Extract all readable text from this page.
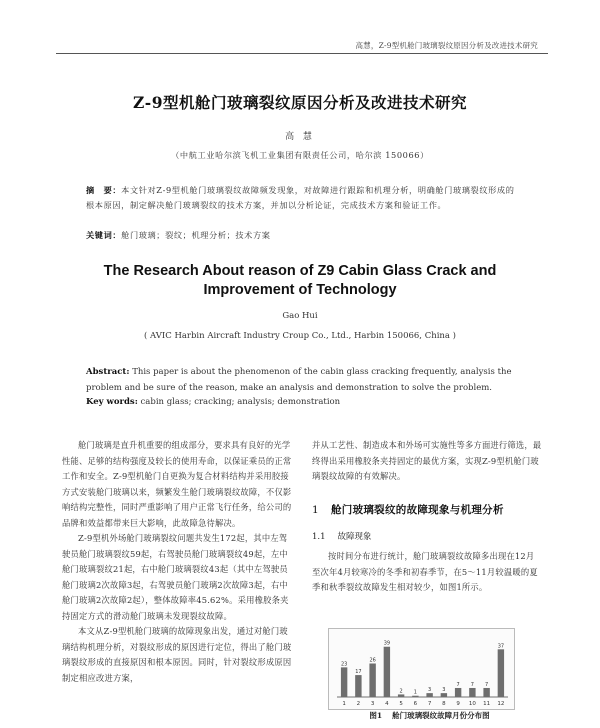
高慧，Z-9型机舱门玻璃裂纹原因分析及改进技术研究
Z-9型机舱门玻璃裂纹原因分析及改进技术研究
高 慧
（中航工业哈尔滨飞机工业集团有限责任公司，哈尔滨 150066）
摘　要：本文针对Z-9型机舱门玻璃裂纹故障频发现象，对故障进行跟踪和机理分析，明确舱门玻璃裂纹形成的根本原因，制定解决舱门玻璃裂纹的技术方案，并加以分析论证，完成技术方案和验证工作。
关键词：舱门玻璃；裂纹；机理分析；技术方案
The Research About reason of Z9 Cabin Glass Crack and
Improvement of Technology
Gao Hui
( AVIC Harbin Aircraft Industry Croup Co., Ltd., Harbin 150066, China )
Abstract: This paper is about the phenomenon of the cabin glass cracking frequently, analysis the problem and be sure of the reason, make an analysis and demonstration to solve the problem.
Key words: cabin glass; cracking; analysis; demonstration

舱门玻璃是直升机重要的组成部分，要求具有良好的光学性能、足够的结构强度及较长的使用寿命，以保证乘员的正常工作和安全。Z-9型机舱门自更换为复合材料结构并采用胶接方式安装舱门玻璃以来，频繁发生舱门玻璃裂纹故障，不仅影响结构完整性，同时严重影响了用户正常飞行任务，给公司的品牌和效益都带来巨大影响，此故障急待解决。

Z-9型机外场舱门玻璃裂纹问题共发生172起，其中左驾驶员舱门玻璃裂纹59起，右驾驶员舱门玻璃裂纹49起，左中舱门玻璃裂纹21起，右中舱门玻璃裂纹43起（其中左驾驶员舱门玻璃2次故障3起，右驾驶员舱门玻璃2次故障3起，右中舱门玻璃2次故障2起），整体故障率45.62%。采用橡胶条夹持固定方式的滑动舱门玻璃未发现裂纹故障。

本文从Z-9型机舱门玻璃的故障现象出发，通过对舱门玻璃结构机理分析，对裂纹形成的原因进行定位，得出了舱门玻璃裂纹形成的直接原因和根本原因。同时，针对裂纹形成原因制定相应改进方案，

并从工艺性、制造成本和外场可实施性等多方面进行筛选，最终得出采用橡胶条夹持固定的最优方案，实现Z-9型机舱门玻璃裂纹故障的有效解决。

1 舱门玻璃裂纹的故障现象与机理分析
1.1 故障现象

按时间分布进行统计，舱门玻璃裂纹故障多出现在12月至次年4月较寒冷的冬季和初春季节，在5～11月较温暖的夏季和秋季裂纹故障发生相对较少，如图1所示。

23
1
17
2
26
3
39
4
2
5
1
6
3
7
3
8
7
9
7
10
7
11
37
12
图1 舱门玻璃裂纹故障月份分布图
